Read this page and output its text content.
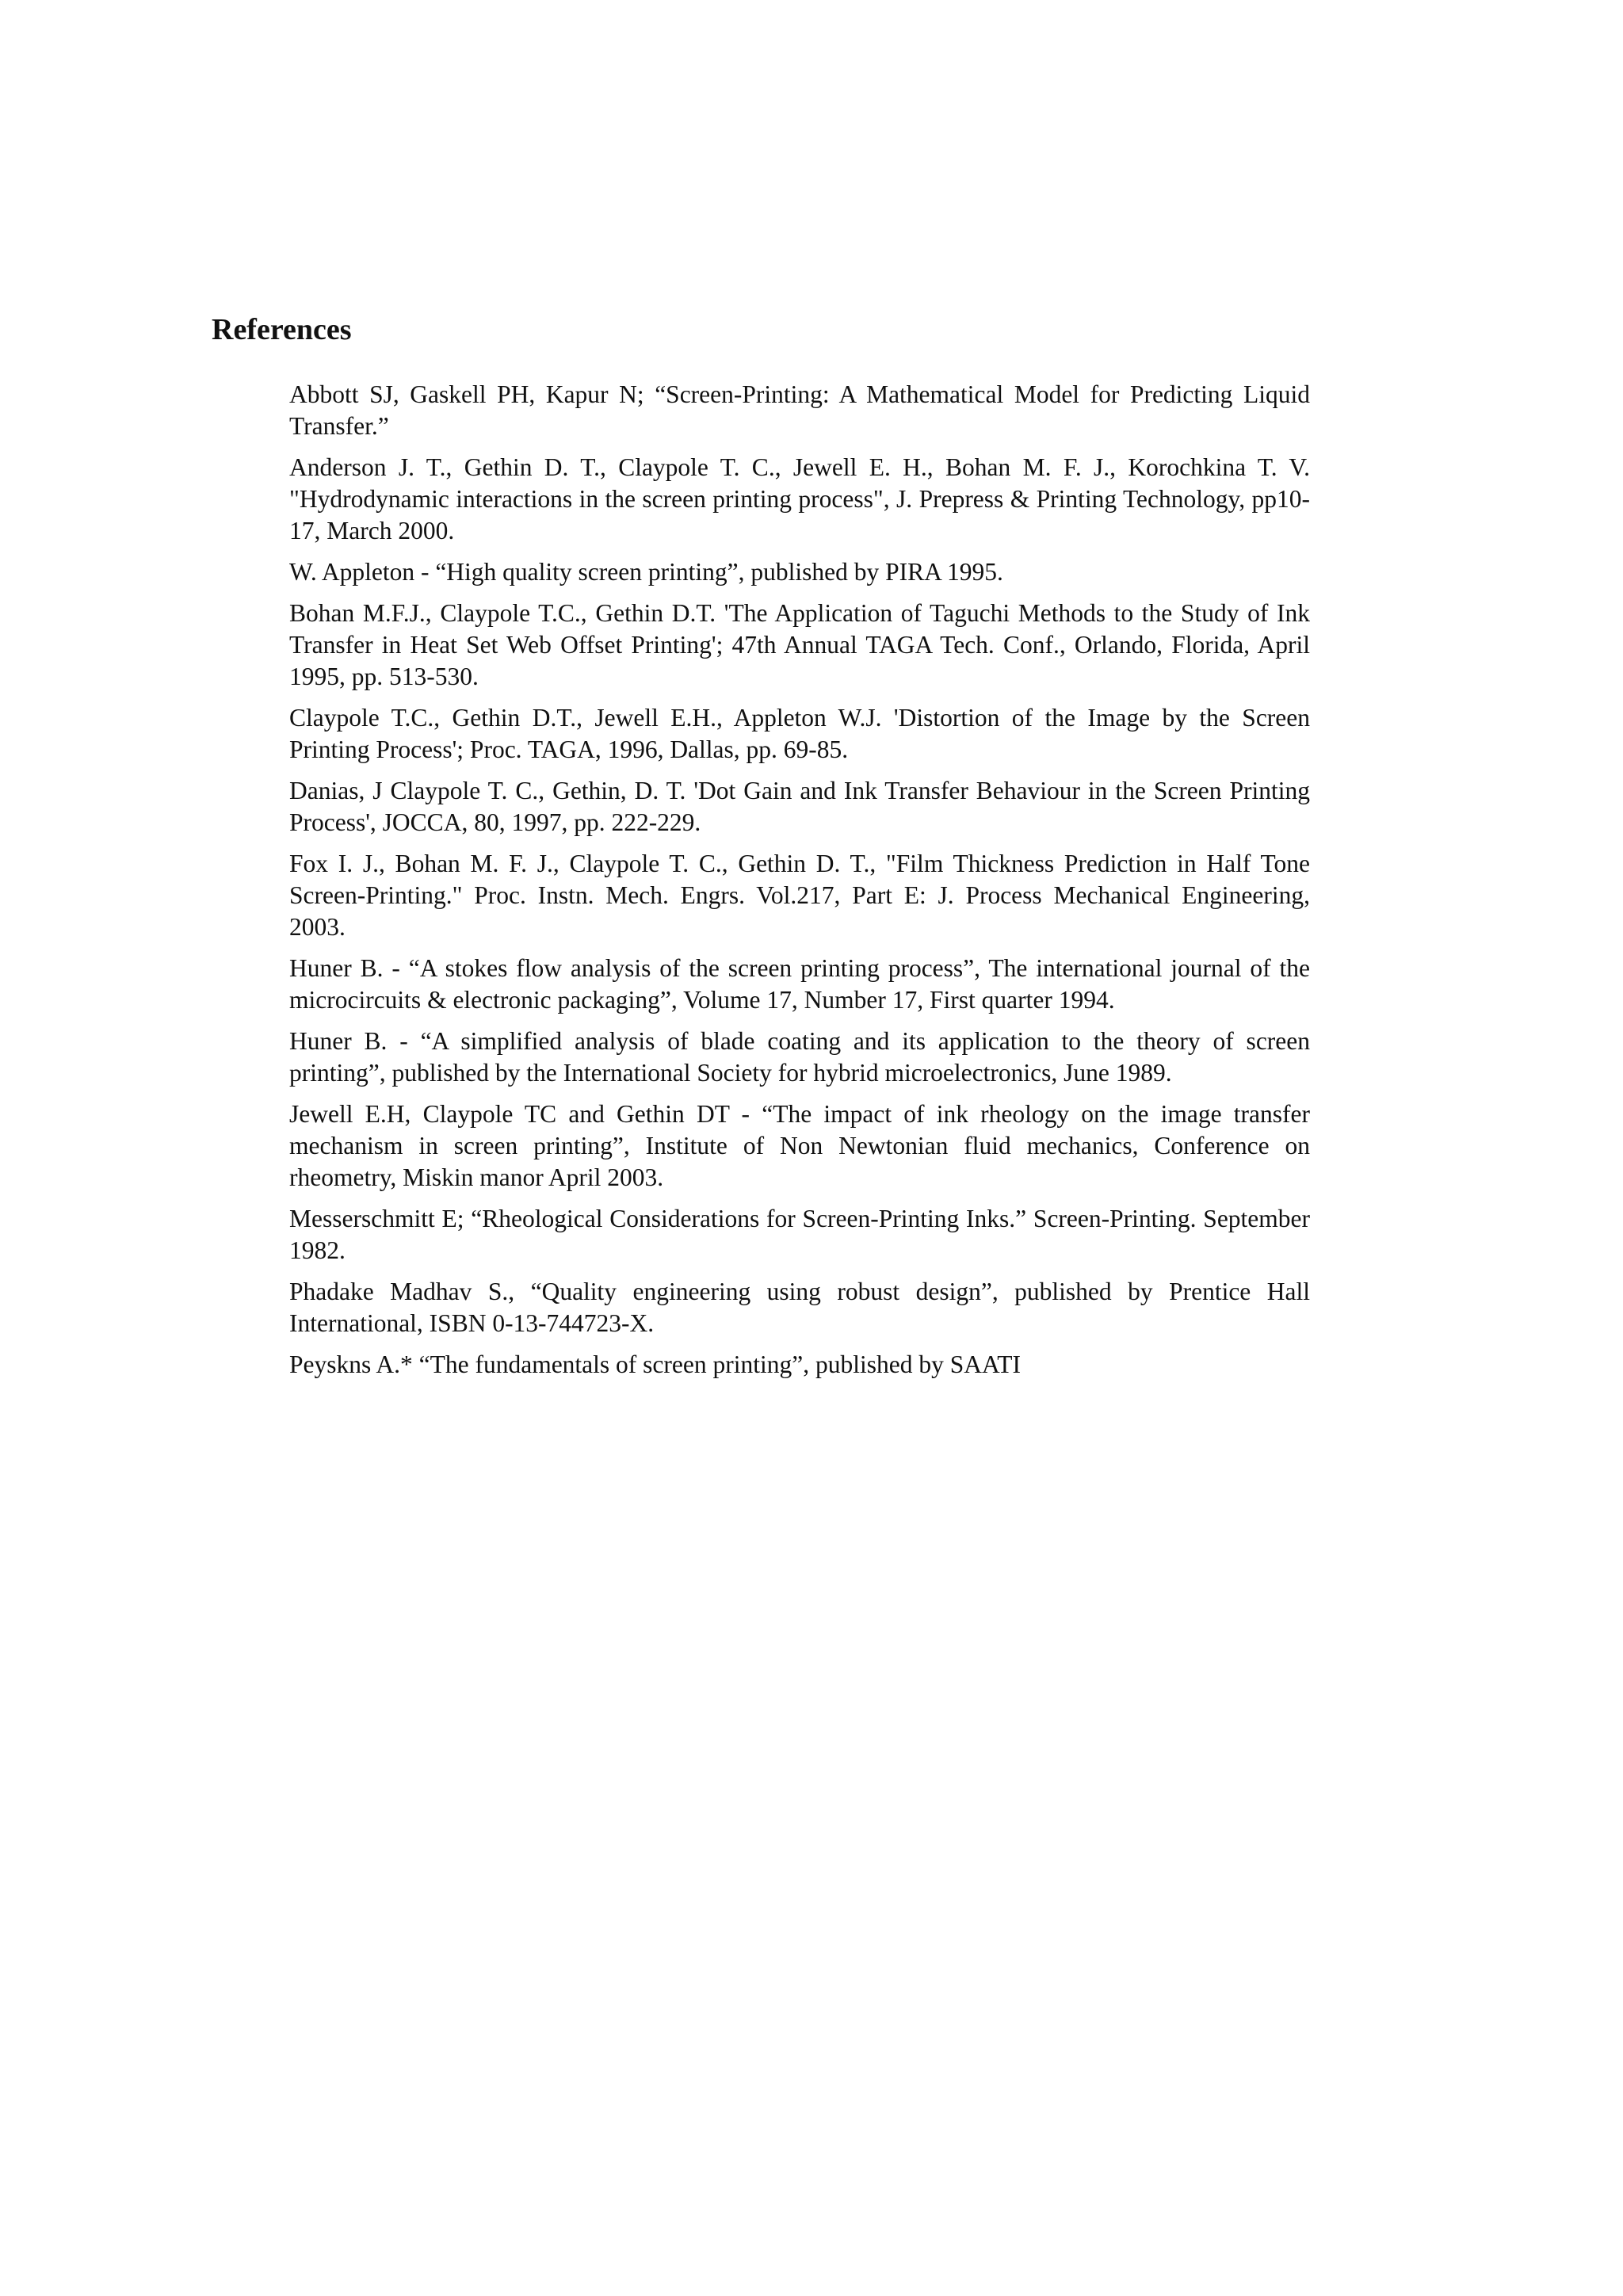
References
Abbott SJ, Gaskell PH, Kapur N; “Screen-Printing: A Mathematical Model for Predicting Liquid Transfer.”
Anderson J. T., Gethin D. T., Claypole T. C., Jewell E. H., Bohan M. F. J., Korochkina T. V. "Hydrodynamic interactions in the screen printing process", J. Prepress & Printing Technology, pp10-17, March 2000.
W. Appleton - “High quality screen printing”, published by PIRA 1995.
Bohan M.F.J., Claypole T.C., Gethin D.T. 'The Application of Taguchi Methods to the Study of Ink Transfer in Heat Set Web Offset Printing'; 47th Annual TAGA Tech. Conf., Orlando, Florida, April 1995, pp. 513-530.
Claypole T.C., Gethin D.T., Jewell E.H., Appleton W.J. 'Distortion of the Image by the Screen Printing Process'; Proc. TAGA, 1996, Dallas, pp. 69-85.
Danias, J Claypole T. C., Gethin, D. T. 'Dot Gain and Ink Transfer Behaviour in the Screen Printing Process', JOCCA, 80, 1997, pp. 222-229.
Fox I. J., Bohan M. F. J., Claypole T. C., Gethin D. T., "Film Thickness Prediction in Half Tone Screen-Printing." Proc. Instn. Mech. Engrs. Vol.217, Part E: J. Process Mechanical Engineering, 2003.
Huner B. - “A stokes flow analysis of the screen printing process”, The international journal of the microcircuits & electronic packaging”, Volume 17, Number 17, First quarter 1994.
Huner B. - “A simplified analysis of blade coating and its application to the theory of screen printing”, published by the International Society for hybrid microelectronics, June 1989.
Jewell E.H, Claypole TC and Gethin DT - “The impact of ink rheology on the image transfer mechanism in screen printing”, Institute of Non Newtonian fluid mechanics, Conference on rheometry, Miskin manor April 2003.
Messerschmitt E; “Rheological Considerations for Screen-Printing Inks.” Screen-Printing. September 1982.
Phadake Madhav S., “Quality engineering using robust design”, published by Prentice Hall International, ISBN 0-13-744723-X.
Peyskns A.* “The fundamentals of screen printing”, published by SAATI
